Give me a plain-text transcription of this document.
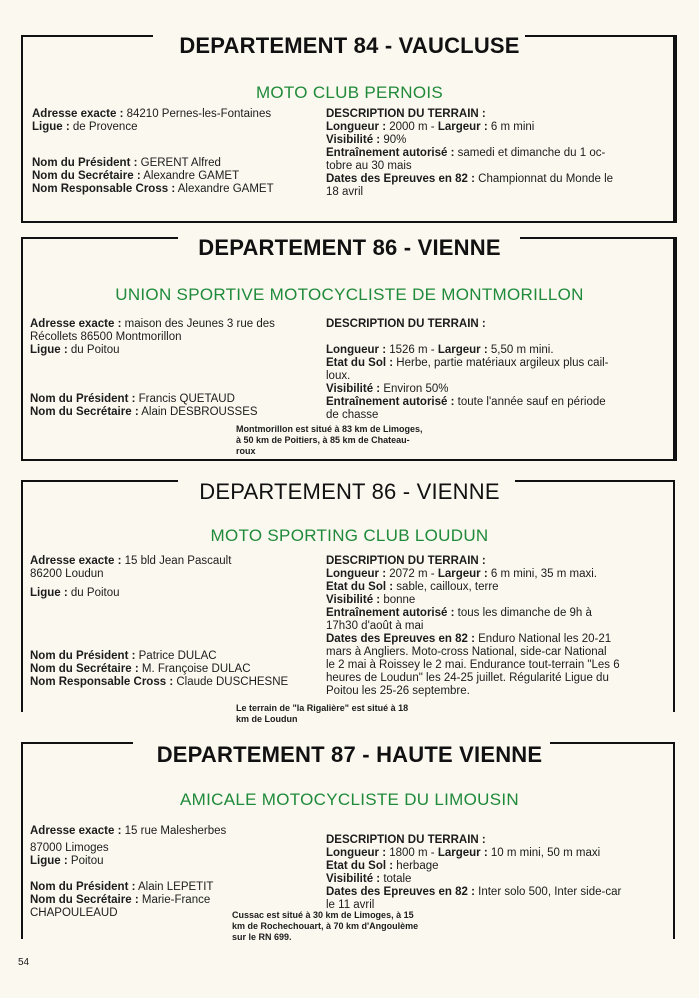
DEPARTEMENT 84 - VAUCLUSE
MOTO CLUB PERNOIS

Adresse exacte : 84210 Pernes-les-Fontaines

Ligue : de Provence

Nom du Président : GERENT Alfred

Nom du Secrétaire : Alexandre GAMET

Nom Responsable Cross : Alexandre GAMET

DESCRIPTION DU TERRAIN :

Longueur : 2000 m - Largeur : 6 m mini

Visibilité : 90%

Entraînement autorisé : samedi et dimanche du 1 oc-

tobre au 30 mais

Dates des Epreuves en 82 : Championnat du Monde le

18 avril

DEPARTEMENT 86 - VIENNE
UNION SPORTIVE MOTOCYCLISTE DE MONTMORILLON

Adresse exacte : maison des Jeunes 3 rue des

Récollets 86500 Montmorillon

Ligue : du Poitou

Nom du Président : Francis QUETAUD

Nom du Secrétaire : Alain DESBROUSSES

DESCRIPTION DU TERRAIN :

Longueur : 1526 m - Largeur : 5,50 m mini.

Etat du Sol : Herbe, partie matériaux argileux plus cail-

loux.

Visibilité : Environ 50%

Entraînement autorisé : toute l'année sauf en période

de chasse

Montmorillon est situé à 83 km de Limoges,
à 50 km de Poitiers, à 85 km de Chateau-
roux
DEPARTEMENT 86 - VIENNE
MOTO SPORTING CLUB LOUDUN

Adresse exacte : 15 bld Jean Pascault

86200 Loudun

Ligue : du Poitou

Nom du Président : Patrice DULAC

Nom du Secrétaire : M. Françoise DULAC

Nom Responsable Cross : Claude DUSCHESNE

DESCRIPTION DU TERRAIN :

Longueur : 2072 m - Largeur : 6 m mini, 35 m maxi.

Etat du Sol : sable, cailloux, terre

Visibilité : bonne

Entraînement autorisé : tous les dimanche de 9h à

17h30 d'août à mai

Dates des Epreuves en 82 : Enduro National les 20-21

mars à Angliers. Moto-cross National, side-car National

le 2 mai à Roissey le 2 mai. Endurance tout-terrain "Les 6

heures de Loudun" les 24-25 juillet. Régularité Ligue du

Poitou les 25-26 septembre.

Le terrain de "la Rigalière" est situé à 18
km de Loudun
DEPARTEMENT 87 - HAUTE VIENNE
AMICALE MOTOCYCLISTE DU LIMOUSIN

Adresse exacte : 15 rue Malesherbes

87000 Limoges

Ligue : Poitou

Nom du Président : Alain LEPETIT

Nom du Secrétaire : Marie-France

CHAPOULEAUD

DESCRIPTION DU TERRAIN :

Longueur : 1800 m - Largeur : 10 m mini, 50 m maxi

Etat du Sol : herbage

Visibilité : totale

Dates des Epreuves en 82 : Inter solo 500, Inter side-car

le 11 avril

Cussac est situé à 30 km de Limoges, à 15
km de Rochechouart, à 70 km d'Angoulème
sur le RN 699.
54
